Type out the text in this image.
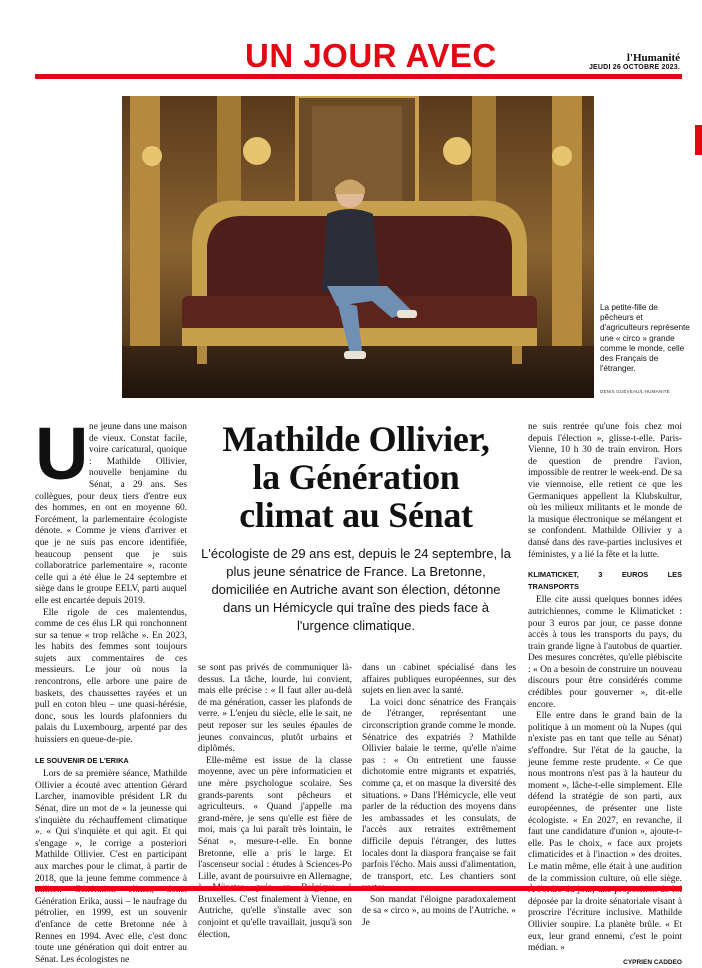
UN JOUR AVEC	l'Humanité
JEUDI 26 OCTOBRE 2023.
La petite-fille de pêcheurs et d'agriculteurs représente une « circo » grande comme le monde, celle des Français de l'étranger.
DENIS GUÉVEAU/L'HUMANITÉ
Mathilde Ollivier,
la Génération
climat au Sénat
L'écologiste de 29 ans est, depuis le 24 septembre, la plus jeune sénatrice de France. La Bretonne, domiciliée en Autriche avant son élection, détonne dans un Hémicycle qui traîne des pieds face à l'urgence climatique.
U ne jeune dans une maison de vieux. Constat facile, voire caricatural, quoique : Mathilde Ollivier, nouvelle benjamine du Sénat, a 29 ans. Ses collègues, pour deux tiers d'entre eux des hommes, en ont en moyenne 60. Forcément, la parlementaire écologiste dénote. « Comme je viens d'arriver et que je ne suis pas encore identifiée, beaucoup pensent que je suis collaboratrice parlementaire », raconte celle qui a été élue le 24 septembre et siège dans le groupe EELV, parti auquel elle est encartée depuis 2019.

Elle rigole de ces malentendus, comme de ces élus LR qui ronchonnent sur sa tenue « trop relâche ». En 2023, les habits des femmes sont toujours sujets aux commentaires de ces messieurs. Le jour où nous la rencontrons, elle arbore une paire de baskets, des chaussettes rayées et un pull en coton bleu – une quasi-hérésie, donc, sous les lourds plafonniers du palais du Luxembourg, arpenté par des huissiers en queue-de-pie.

LE SOUVENIR DE L'ERIKA

Lors de sa première séance, Mathilde Ollivier a écouté avec attention Gérard Larcher, inamovible président LR du Sénat, dire un mot de « la jeunesse qui s'inquiète du réchauffement climatique ». « Qui s'inquiète et qui agit. Et qui s'engage », le corrige a posteriori Mathilde Ollivier. C'est en participant aux marches pour le climat, à partir de 2018, que la jeune femme commence à Génération Erika, aussi – le naufrage du pétrolier, en 1999, est un souvenir d'enfance de cette Bretonne née à Rennes en 1994. Avec elle, c'est donc toute une génération qui doit entrer au Sénat. Les écologistes ne

se sont pas privés de communiquer là-dessus. La tâche, lourde, lui convient, mais elle précise : « Il faut aller au-delà de ma génération, casser les plafonds de verre. » L'enjeu du siècle, elle le sait, ne peut reposer sur les seules épaules de jeunes convaincus, plutôt urbains et diplômés.

Elle-même est issue de la classe moyenne, avec un père informaticien et une mère psychologue scolaire. Ses grands-parents sont pêcheurs et agriculteurs. « Quand j'appelle ma grand-mère, je sens qu'elle est fière de moi, mais ça lui paraît très lointain, le Sénat », mesure-t-elle. En bonne Bretonne, elle a pris le large. Et l'ascenseur social : études à Sciences-Po Lille, avant de poursuivre en Allemagne, Bruxelles. C'est finalement à Vienne, en Autriche, qu'elle s'installe avec son conjoint et qu'elle travaillait, jusqu'à son élection,

dans un cabinet spécialisé dans les affaires publiques européennes, sur des sujets en lien avec la santé.

La voici donc sénatrice des Français de l'étranger, représentant une circonscription grande comme le monde. Sénatrice des expatriés ? Mathilde Ollivier balaie le terme, qu'elle n'aime pas : « On entretient une fausse dichotomie entre migrants et expatriés, comme ça, et on masque la diversité des situations. » Dans l'Hémicycle, elle veut parler de la réduction des moyens dans les ambassades et les consulats, de l'accès aux retraites extrêmement difficile depuis l'étranger, des luttes locales dont la diaspora française se fait parfois l'écho. Mais aussi d'alimentation, de transport, etc. Les chantiers sont

Son mandat l'éloigne paradoxalement de sa « circo », au moins de l'Autriche. « Je

ne suis rentrée qu'une fois chez moi depuis l'élection », glisse-t-elle. Paris-Vienne, 10 h 30 de train environ. Hors de question de prendre l'avion, impossible de rentrer le week-end. De sa vie viennoise, elle retient ce que les Germaniques appellent la Klubskultur, où les milieux militants et le monde de la musique électronique se mélangent et se confondent. Mathilde Ollivier y a dansé dans des rave-parties inclusives et féministes, y a lié la fête et la lutte.

KLIMATICKET, 3 EUROS LES TRANSPORTS

Elle cite aussi quelques bonnes idées autrichiennes, comme le Klimaticket : pour 3 euros par jour, ce passe donne accès à tous les transports du pays, du train grande ligne à l'autobus de quartier. Des mesures concrètes, qu'elle plébiscite : « On a besoin de construire un nouveau discours pour être considérés comme crédibles pour gouverner », dit-elle encore.

Elle entre dans le grand bain de la politique à un moment où la Nupes (qui n'existe pas en tant que telle au Sénat) s'effondre. Sur l'état de la gauche, la jeune femme reste prudente. « Ce que nous montrons n'est pas à la hauteur du moment », lâche-t-elle simplement. Elle défend la stratégie de son parti, aux européennes, de présenter une liste écologiste. « En 2027, en revanche, il faut une candidature d'union », ajoute-t-elle. Pas le choix, « face aux projets climaticides et à l'inaction » des droites. Le matin même, elle était à une audition de la commission culture, où elle siège. déposée par la droite sénatoriale visant à proscrire l'écriture inclusive. Mathilde Ollivier soupire. La planète brûle. « Et eux, leur grand ennemi, c'est le point médian. »

CYPRIEN CADDEO
